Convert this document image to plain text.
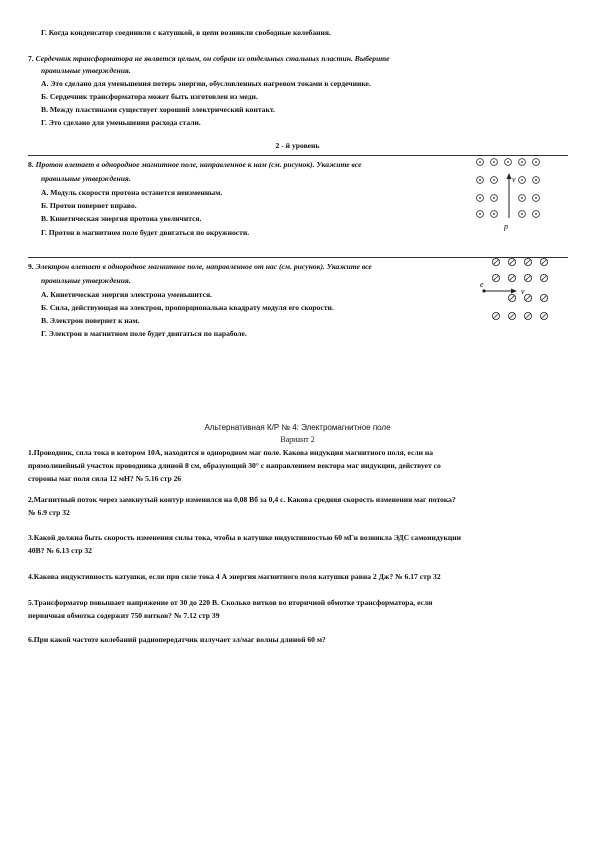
Г. Когда конденсатор соединили с катушкой, в цепи возникли свободные колебания.
7. Сердечник трансформатора не является целым, он собран из отдельных стальных пластин. Выберите
правильные утверждения.
А. Это сделано для уменьшения потерь энергии, обусловленных нагревом токами в сердечнике.
Б. Сердечник трансформатора может быть изготовлен из меди.
В. Между пластинами существует хороший электрический контакт.
Г. Это сделано для уменьшения расхода стали.
2 - й уровень
8. Протон влетает в однородное магнитное поле, направленное к нам (см. рисунок). Укажите все
правильные утверждения.
А. Модуль скорости протона останется неизменным.
Б. Протон повернет вправо.
В. Кинетическая энергия протона увеличится.
Г. Протон в магнитном поле будет двигаться по окружности.
v
p
9. Электрон влетает в однородное магнитное поле, направленное от нас (см. рисунок). Укажите все
правильные утверждения.
А. Кинетическая энергия электрона уменьшится.
Б. Сила, действующая на электрон, пропорциональна квадрату модуля его скорости.
В. Электрон повернет к нам.
Г. Электрон в магнитном поле будет двигаться по параболе.
e
v
Альтернативная К/Р № 4: Электромагнитное поле
Вариант 2
1.Проводник, сила тока в котором 10А, находится в однородном маг поле. Какова индукция магнитного поля, если на
прямолинейный участок проводника длиной 8 см, образующий 30° с направлением вектора маг индукции, действует со
стороны маг поля сила 12 мН? № 5.16 стр 26
2.Магнитный поток через замкнутый контур изменился на 0,08 Вб за 0,4 с. Какова средняя скорость изменения маг потока?
№ 6.9 стр 32
3.Какой должна быть скорость изменения силы тока, чтобы в катушке индуктивностью 60 мГн возникла ЭДС самоиндукции
40В? № 6.13 стр 32
4.Какова индуктивность катушки, если при силе тока 4 А энергия магнитного поля катушки равна 2 Дж? № 6.17 стр 32
5.Трансформатор повышает напряжение от 30 до 220 В. Сколько витков во вторичной обмотке трансформатора, если
первичная обмотка содержит 750 витков? № 7.12 стр 39
6.При какой частоте колебаний радиопередатчик излучает эл/маг волны длиной 60 м?
